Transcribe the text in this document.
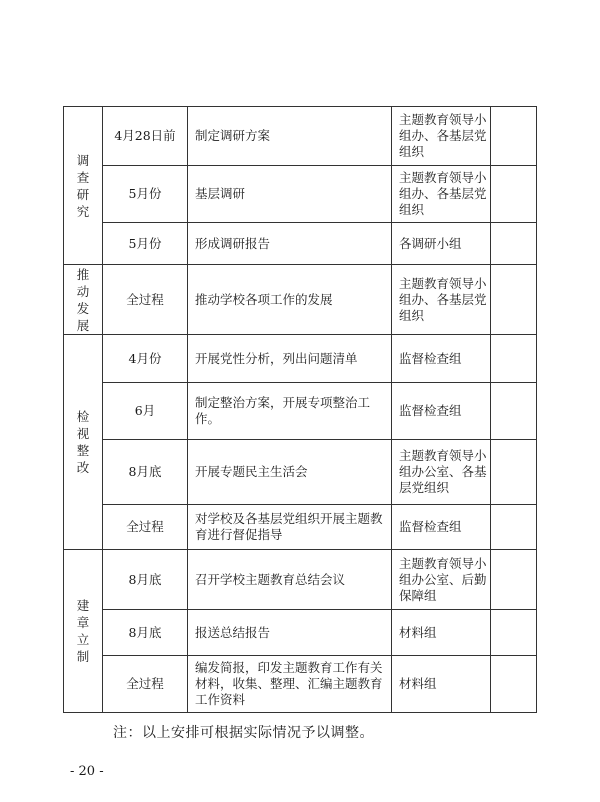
调查研究	4月28日前	制定调研方案	主题教育领导小组办、各基层党组织	
	5月份	基层调研	主题教育领导小组办、各基层党组织	
	5月份	形成调研报告	各调研小组	
推动发展	全过程	推动学校各项工作的发展	主题教育领导小组办、各基层党组织	
检视整改	4月份	开展党性分析，列出问题清单	监督检查组	
	6月	制定整治方案，开展专项整治工作。	监督检查组	
	8月底	开展专题民主生活会	主题教育领导小组办公室、各基层党组织	
	全过程	对学校及各基层党组织开展主题教育进行督促指导	监督检查组	
建章立制	8月底	召开学校主题教育总结会议	主题教育领导小组办公室、后勤保障组	
	8月底	报送总结报告	材料组	
	全过程	编发简报，印发主题教育工作有关材料，收集、整理、汇编主题教育工作资料	材料组	
注：以上安排可根据实际情况予以调整。
- 20 -
